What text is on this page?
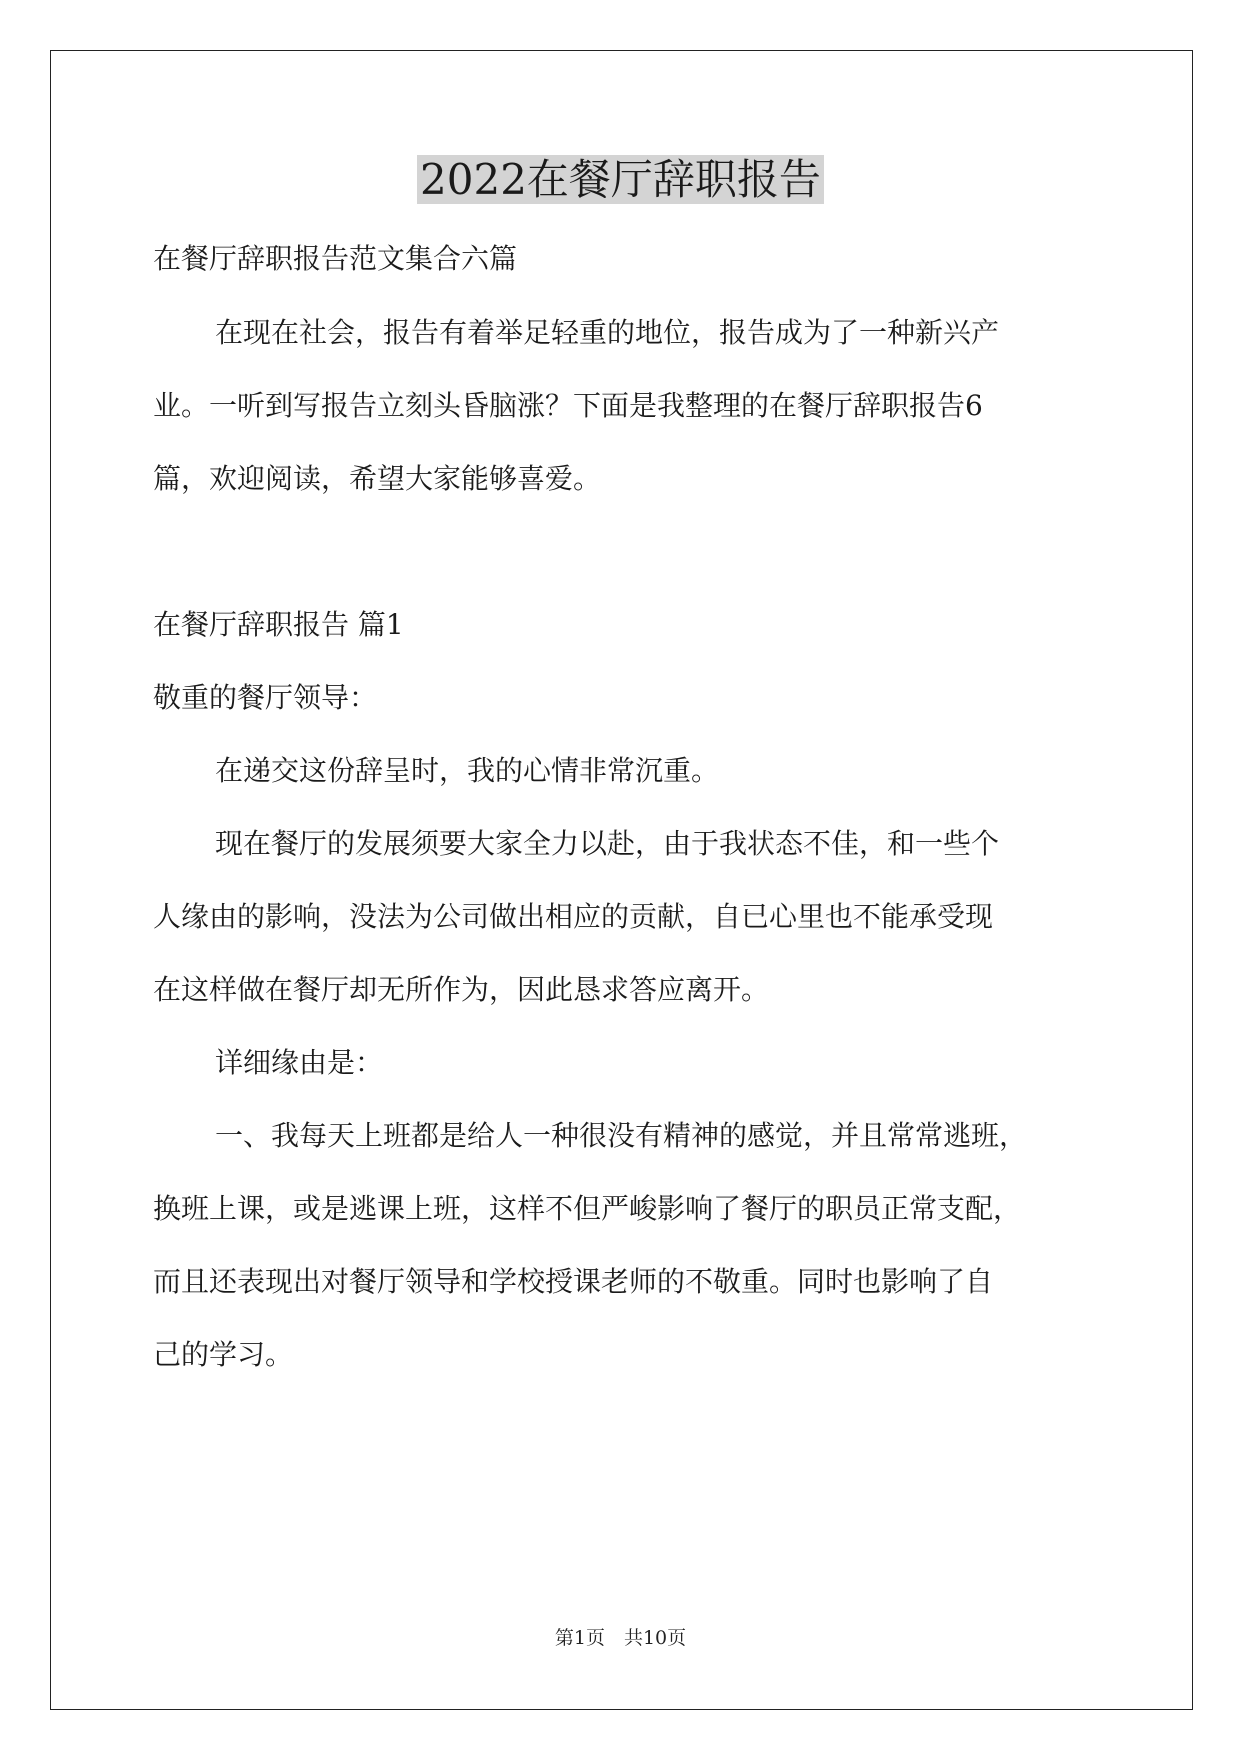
2022在餐厅辞职报告
在餐厅辞职报告范文集合六篇
在现在社会，报告有着举足轻重的地位，报告成为了一种新兴产
业。一听到写报告立刻头昏脑涨？下面是我整理的在餐厅辞职报告6
篇，欢迎阅读，希望大家能够喜爱。
在餐厅辞职报告 篇1
敬重的餐厅领导：
在递交这份辞呈时，我的心情非常沉重。
现在餐厅的发展须要大家全力以赴，由于我状态不佳，和一些个
人缘由的影响，没法为公司做出相应的贡献，自已心里也不能承受现
在这样做在餐厅却无所作为，因此恳求答应离开。
详细缘由是：
一、我每天上班都是给人一种很没有精神的感觉，并且常常逃班，
换班上课，或是逃课上班，这样不但严峻影响了餐厅的职员正常支配，
而且还表现出对餐厅领导和学校授课老师的不敬重。同时也影响了自
己的学习。
第1页　共10页
